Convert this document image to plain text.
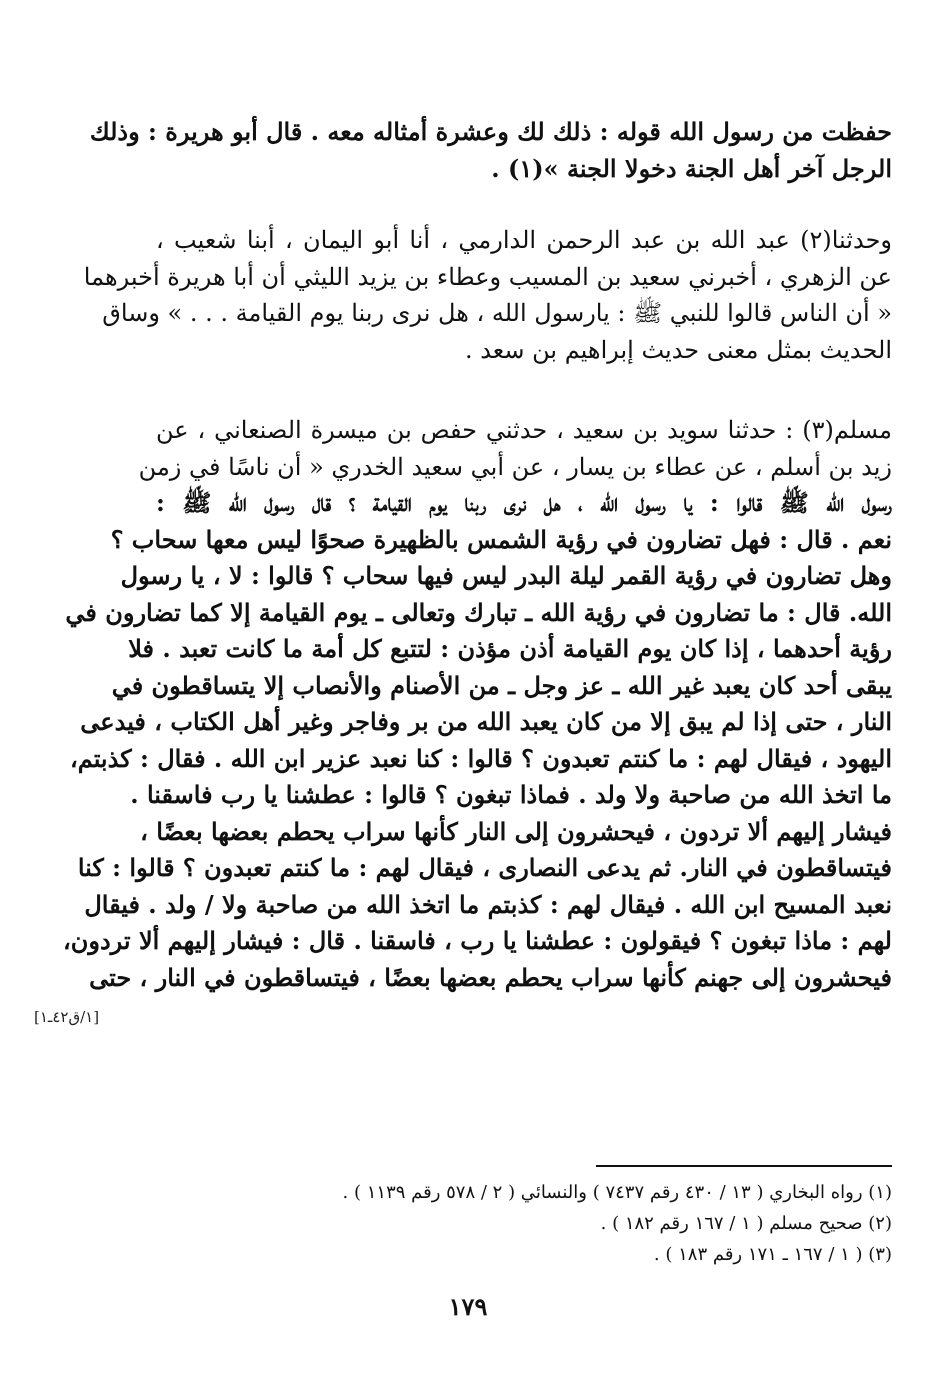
حفظت من رسول الله قوله : ذلك لك وعشرة أمثاله معه . قال أبو هريرة : وذلك
الرجل آخر أهل الجنة دخولا الجنة »(١) .
وحدثنا(٢) عبد الله بن عبد الرحمن الدارمي ، أنا أبو اليمان ، أبنا شعيب ،
عن الزهري ، أخبرني سعيد بن المسيب وعطاء بن يزيد الليثي أن أبا هريرة أخبرهما
« أن الناس قالوا للنبي ﷺ : يارسول الله ، هل نرى ربنا يوم القيامة . . . » وساق
الحديث بمثل معنى حديث إبراهيم بن سعد .
مسلم(٣) : حدثنا سويد بن سعيد ، حدثني حفص بن ميسرة الصنعاني ، عن
زيد بن أسلم ، عن عطاء بن يسار ، عن أبي سعيد الخدري « أن ناسًا في زمن
رسول الله ﷺ قالوا : يا رسول الله ، هل نرى ربنا يوم القيامة ؟ قال رسول الله ﷺ :
نعم . قال : فهل تضارون في رؤية الشمس بالظهيرة صحوًا ليس معها سحاب ؟
وهل تضارون في رؤية القمر ليلة البدر ليس فيها سحاب ؟ قالوا : لا ، يا رسول
الله. قال : ما تضارون في رؤية الله ـ تبارك وتعالى ـ يوم القيامة إلا كما تضارون في
رؤية أحدهما ، إذا كان يوم القيامة أذن مؤذن : لتتبع كل أمة ما كانت تعبد . فلا
يبقى أحد كان يعبد غير الله ـ عز وجل ـ من الأصنام والأنصاب إلا يتساقطون في
النار ، حتى إذا لم يبق إلا من كان يعبد الله من بر وفاجر وغير أهل الكتاب ، فيدعى
اليهود ، فيقال لهم : ما كنتم تعبدون ؟ قالوا : كنا نعبد عزير ابن الله . فقال : كذبتم،
ما اتخذ الله من صاحبة ولا ولد . فماذا تبغون ؟ قالوا : عطشنا يا رب فاسقنا .
فيشار إليهم ألا تردون ، فيحشرون إلى النار كأنها سراب يحطم بعضها بعضًا ،
فيتساقطون في النار. ثم يدعى النصارى ، فيقال لهم : ما كنتم تعبدون ؟ قالوا : كنا
نعبد المسيح ابن الله . فيقال لهم : كذبتم ما اتخذ الله من صاحبة ولا / ولد . فيقال
لهم : ماذا تبغون ؟ فيقولون : عطشنا يا رب ، فاسقنا . قال : فيشار إليهم ألا تردون،
فيحشرون إلى جهنم كأنها سراب يحطم بعضها بعضًا ، فيتساقطون في النار ، حتى
[١/ق٤٢ـ١]
(١) رواه البخاري ( ١٣ / ٤٣٠ رقم ٧٤٣٧ ) والنسائي ( ٢ / ٥٧٨ رقم ١١٣٩ ) .
(٢) صحيح مسلم ( ١ / ١٦٧ رقم ١٨٢ ) .
(٣) ( ١ / ١٦٧ ـ ١٧١ رقم ١٨٣ ) .
١٧٩
